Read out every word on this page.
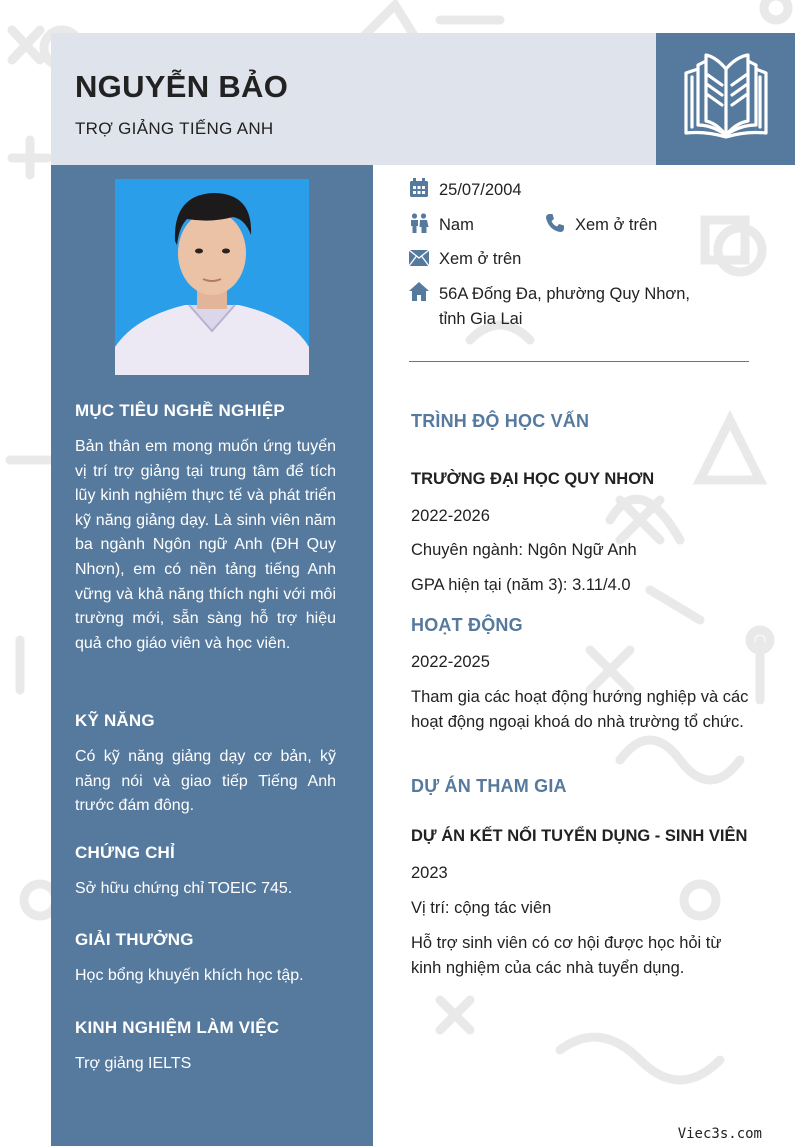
NGUYỄN BẢO

TRỢ GIẢNG TIẾNG ANH

MỤC TIÊU NGHỀ NGHIỆP

Bản thân em mong muốn ứng tuyển vị trí trợ giảng tại trung tâm để tích lũy kinh nghiệm thực tế và phát triển kỹ năng giảng dạy. Là sinh viên năm ba ngành Ngôn ngữ Anh (ĐH Quy Nhơn), em có nền tảng tiếng Anh vững và khả năng thích nghi với môi trường mới, sẵn sàng hỗ trợ hiệu quả cho giáo viên và học viên.

KỸ NĂNG

Có kỹ năng giảng dạy cơ bản, kỹ năng nói và giao tiếp Tiếng Anh trước đám đông.

CHỨNG CHỈ

Sở hữu chứng chỉ TOEIC 745.

GIẢI THƯỞNG

Học bổng khuyến khích học tập.

KINH NGHIỆM LÀM VIỆC

Trợ giảng IELTS

25/07/2004
Nam	Xem ở trên
Xem ở trên
56A Đống Đa, phường Quy Nhơn,
tỉnh Gia Lai
TRÌNH ĐỘ HỌC VẤN

TRƯỜNG ĐẠI HỌC QUY NHƠN

2022-2026

Chuyên ngành: Ngôn Ngữ Anh

GPA hiện tại (năm 3): 3.11/4.0

HOẠT ĐỘNG

2022-2025

Tham gia các hoạt động hướng nghiệp và các hoạt động ngoại khoá do nhà trường tổ chức.

DỰ ÁN THAM GIA

DỰ ÁN KẾT NỐI TUYỂN DỤNG - SINH VIÊN

2023

Vị trí: cộng tác viên

Hỗ trợ sinh viên có cơ hội được học hỏi từ kinh nghiệm của các nhà tuyển dụng.

Viec3s.com
